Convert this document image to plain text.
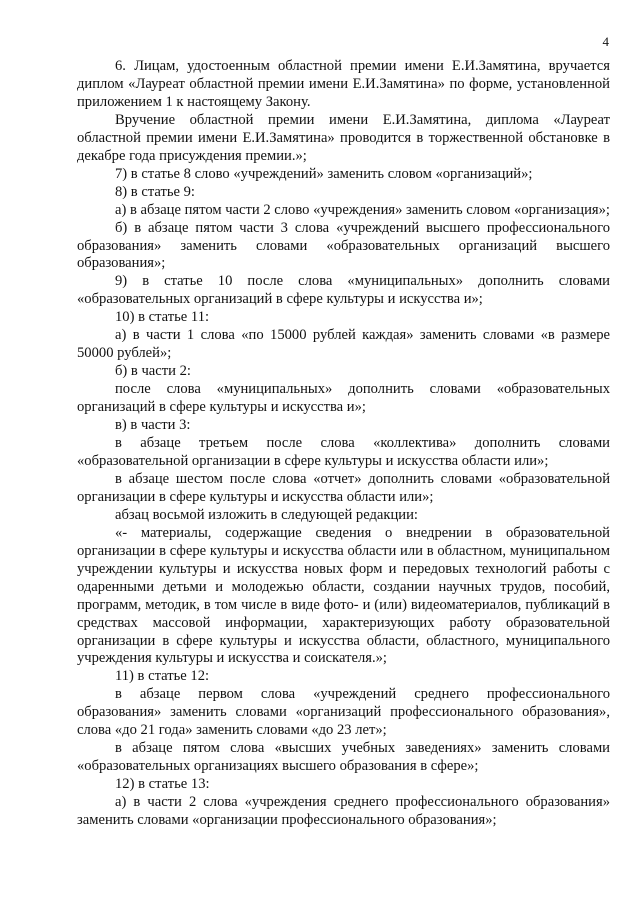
4

6. Лицам, удостоенным областной премии имени Е.И.Замятина, вручается диплом «Лауреат областной премии имени Е.И.Замятина» по форме, установленной приложением 1 к настоящему Закону.

Вручение областной премии имени Е.И.Замятина, диплома «Лауреат областной премии имени Е.И.Замятина» проводится в торжественной обстановке в декабре года присуждения премии.»;

7) в статье 8 слово «учреждений» заменить словом «организаций»;

8) в статье 9:

а) в абзаце пятом части 2 слово «учреждения» заменить словом «организация»;

б) в абзаце пятом части 3 слова «учреждений высшего профессионального образования» заменить словами «образовательных организаций высшего образования»;

9) в статье 10 после слова «муниципальных» дополнить словами «образовательных организаций в сфере культуры и искусства и»;

10) в статье 11:

а) в части 1 слова «по 15000 рублей каждая» заменить словами «в размере 50000 рублей»;

б) в части 2:

после слова «муниципальных» дополнить словами «образовательных организаций в сфере культуры и искусства и»;

в) в части 3:

в абзаце третьем после слова «коллектива» дополнить словами «образовательной организации в сфере культуры и искусства области или»;

в абзаце шестом после слова «отчет» дополнить словами «образовательной организации в сфере культуры и искусства области или»;

абзац восьмой изложить в следующей редакции:

«- материалы, содержащие сведения о внедрении в образовательной организации в сфере культуры и искусства области или в областном, муниципальном учреждении культуры и искусства новых форм и передовых технологий работы с одаренными детьми и молодежью области, создании научных трудов, пособий, программ, методик, в том числе в виде фото- и (или) видеоматериалов, публикаций в средствах массовой информации, характеризующих работу образовательной организации в сфере культуры и искусства области, областного, муниципального учреждения культуры и искусства и соискателя.»;

11) в статье 12:

в абзаце первом слова «учреждений среднего профессионального образования» заменить словами «организаций профессионального образования», слова «до 21 года» заменить словами «до 23 лет»;

в абзаце пятом слова «высших учебных заведениях» заменить словами «образовательных организациях высшего образования в сфере»;

12) в статье 13:

а) в части 2 слова «учреждения среднего профессионального образования» заменить словами «организации профессионального образования»;
